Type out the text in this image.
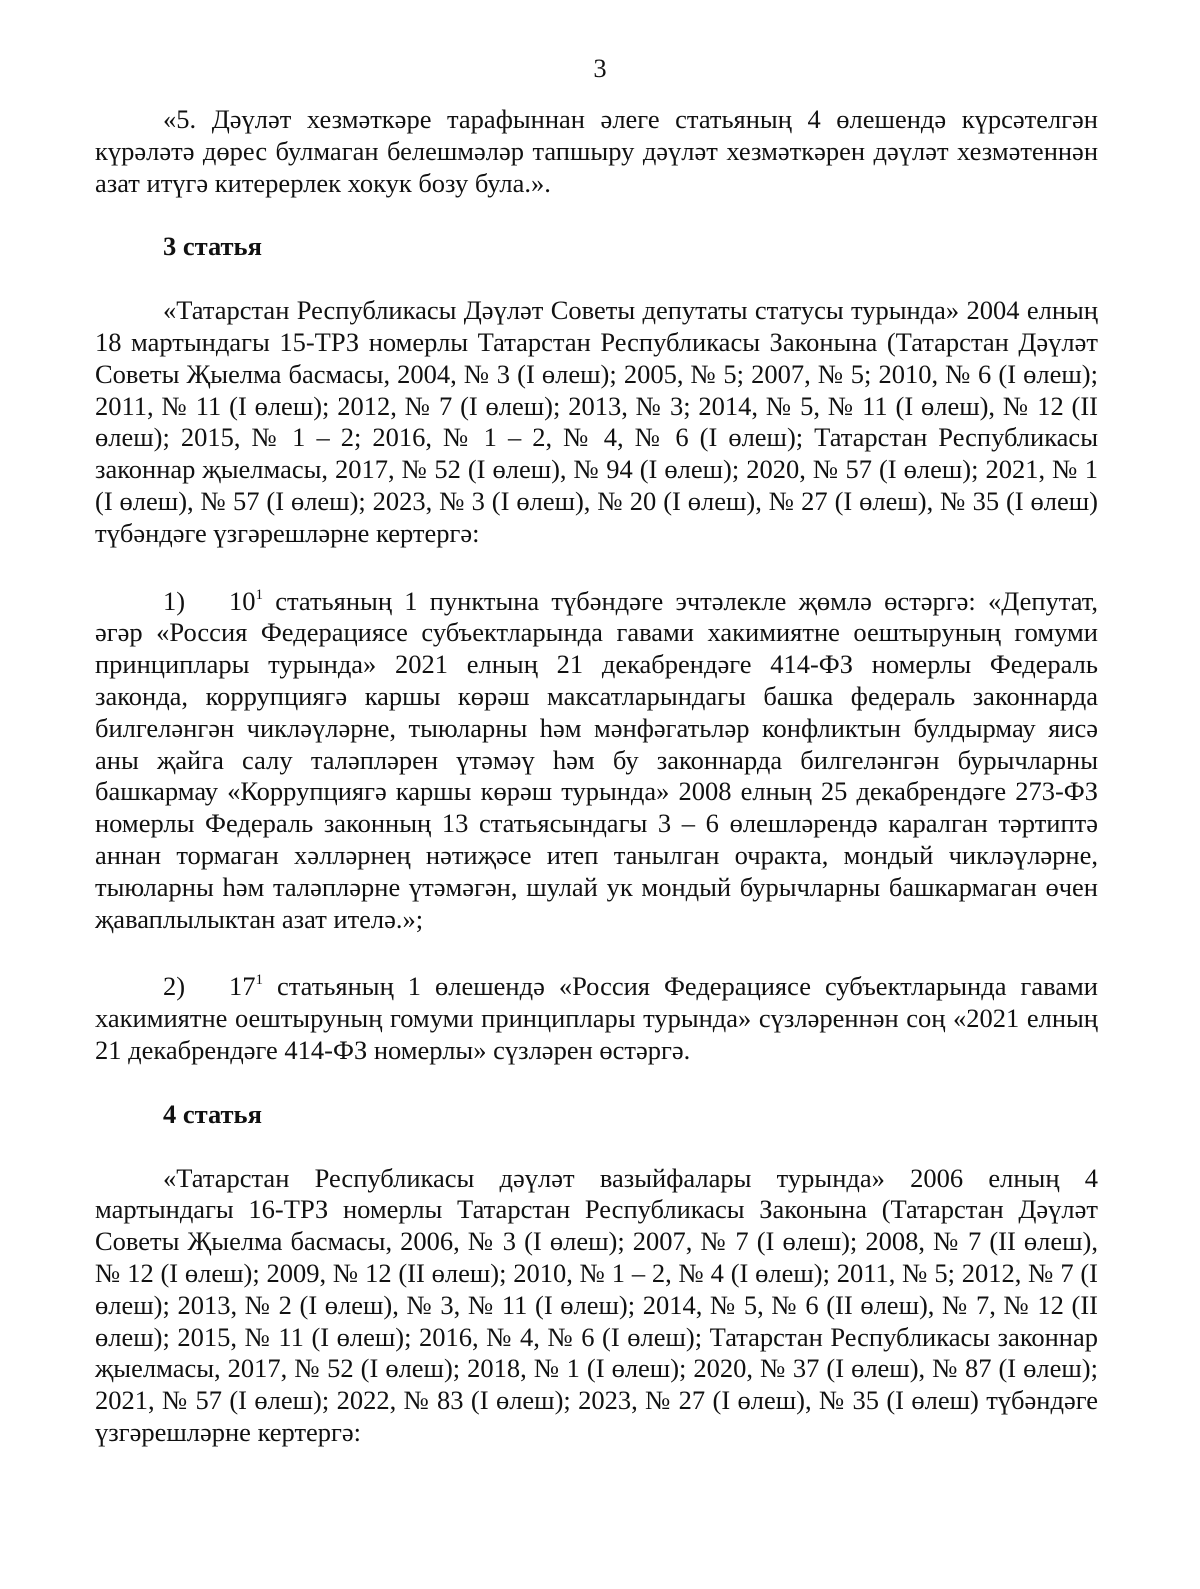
3

«5. Дәүләт хезмәткәре тарафыннан әлеге статьяның 4 өлешендә күрсәтелгән күрәләтә дөрес булмаган белешмәләр тапшыру дәүләт хезмәткәрен дәүләт хезмәтеннән азат итүгә китерерлек хокук бозу була.».

3 статья

«Татарстан Республикасы Дәүләт Советы депутаты статусы турында» 2004 елның 18 мартындагы 15-ТРЗ номерлы Татарстан Республикасы Законына (Татарстан Дәүләт Советы Җыелма басмасы, 2004, № 3 (I өлеш); 2005, № 5; 2007, № 5; 2010, № 6 (I өлеш); 2011, № 11 (I өлеш); 2012, № 7 (I өлеш); 2013, № 3; 2014, № 5, № 11 (I өлеш), № 12 (II өлеш); 2015, № 1 – 2; 2016, № 1 – 2, № 4, № 6 (I өлеш); Татарстан Республикасы законнар җыелмасы, 2017, № 52 (I өлеш), № 94 (I өлеш); 2020, № 57 (I өлеш); 2021, № 1 (I өлеш), № 57 (I өлеш); 2023, № 3 (I өлеш), № 20 (I өлеш), № 27 (I өлеш), № 35 (I өлеш) түбәндәге үзгәрешләрне кертергә:

1) $10^1$ статьяның 1 пунктына түбәндәге эчтәлекле җөмлә өстәргә: «Депутат, әгәр «Россия Федерациясе субъектларында гавами хакимиятне оештыруның гомуми принциплары турында» 2021 елның 21 декабрендәге 414-ФЗ номерлы Федераль законда, коррупциягә каршы көрәш максатларындагы башка федераль законнарда билгеләнгән чикләүләрне, тыюларны һәм мәнфәгатьләр конфликтын булдырмау яисә аны җайга салу таләпләрен үтәмәү һәм бу законнарда билгеләнгән бурычларны башкармау «Коррупциягә каршы көрәш турында» 2008 елның 25 декабрендәге 273-ФЗ номерлы Федераль законның 13 статьясындагы 3 – 6 өлешләрендә каралган тәртиптә аннан тормаган хәлләрнең нәтиҗәсе итеп танылган очракта, мондый чикләүләрне, тыюларны һәм таләпләрне үтәмәгән, шулай ук мондый бурычларны башкармаган өчен җаваплылыктан азат ителә.»;

2) $17^1$ статьяның 1 өлешендә «Россия Федерациясе субъектларында гавами хакимиятне оештыруның гомуми принциплары турында» сүзләреннән соң «2021 елның 21 декабрендәге 414-ФЗ номерлы» сүзләрен өстәргә.

4 статья

«Татарстан Республикасы дәүләт вазыйфалары турында» 2006 елның 4 мартындагы 16-ТРЗ номерлы Татарстан Республикасы Законына (Татарстан Дәүләт Советы Җыелма басмасы, 2006, № 3 (I өлеш); 2007, № 7 (I өлеш); 2008, № 7 (II өлеш), № 12 (I өлеш); 2009, № 12 (II өлеш); 2010, № 1 – 2, № 4 (I өлеш); 2011, № 5; 2012, № 7 (I өлеш); 2013, № 2 (I өлеш), № 3, № 11 (I өлеш); 2014, № 5, № 6 (II өлеш), № 7, № 12 (II өлеш); 2015, № 11 (I өлеш); 2016, № 4, № 6 (I өлеш); Татарстан Республикасы законнар җыелмасы, 2017, № 52 (I өлеш); 2018, № 1 (I өлеш); 2020, № 37 (I өлеш), № 87 (I өлеш); 2021, № 57 (I өлеш); 2022, № 83 (I өлеш); 2023, № 27 (I өлеш), № 35 (I өлеш) түбәндәге үзгәрешләрне кертергә:
